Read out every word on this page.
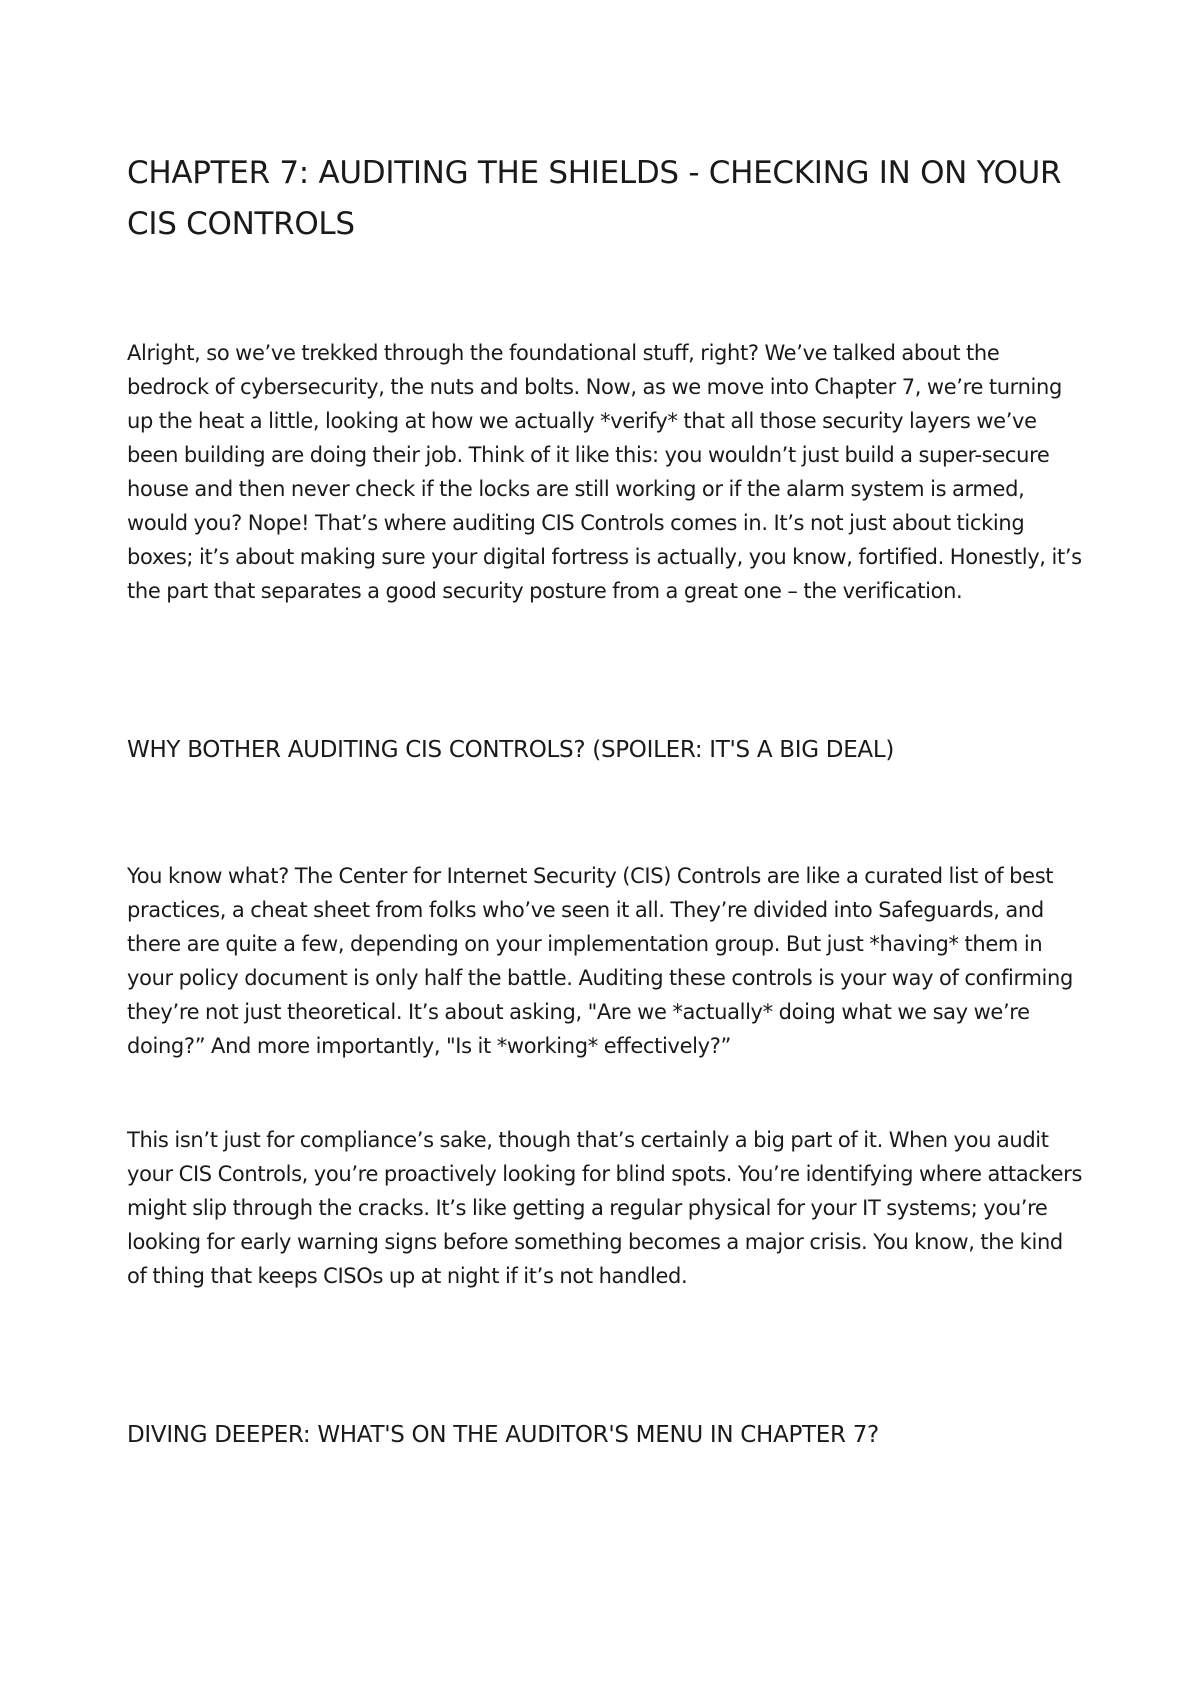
CHAPTER 7: AUDITING THE SHIELDS - CHECKING IN ON YOUR CIS CONTROLS

Alright, so we’ve trekked through the foundational stuff, right? We’ve talked about the bedrock of cybersecurity, the nuts and bolts. Now, as we move into Chapter 7, we’re turning up the heat a little, looking at how we actually *verify* that all those security layers we’ve been building are doing their job. Think of it like this: you wouldn’t just build a super-secure house and then never check if the locks are still working or if the alarm system is armed, would you? Nope! That’s where auditing CIS Controls comes in. It’s not just about ticking boxes; it’s about making sure your digital fortress is actually, you know, fortified. Honestly, it’s the part that separates a good security posture from a great one – the verification.

WHY BOTHER AUDITING CIS CONTROLS? (SPOILER: IT'S A BIG DEAL)

You know what? The Center for Internet Security (CIS) Controls are like a curated list of best practices, a cheat sheet from folks who’ve seen it all. They’re divided into Safeguards, and there are quite a few, depending on your implementation group. But just *having* them in your policy document is only half the battle. Auditing these controls is your way of confirming they’re not just theoretical. It’s about asking, "Are we *actually* doing what we say we’re doing?” And more importantly, "Is it *working* effectively?”

This isn’t just for compliance’s sake, though that’s certainly a big part of it. When you audit your CIS Controls, you’re proactively looking for blind spots. You’re identifying where attackers might slip through the cracks. It’s like getting a regular physical for your IT systems; you’re looking for early warning signs before something becomes a major crisis. You know, the kind of thing that keeps CISOs up at night if it’s not handled.

DIVING DEEPER: WHAT'S ON THE AUDITOR'S MENU IN CHAPTER 7?
